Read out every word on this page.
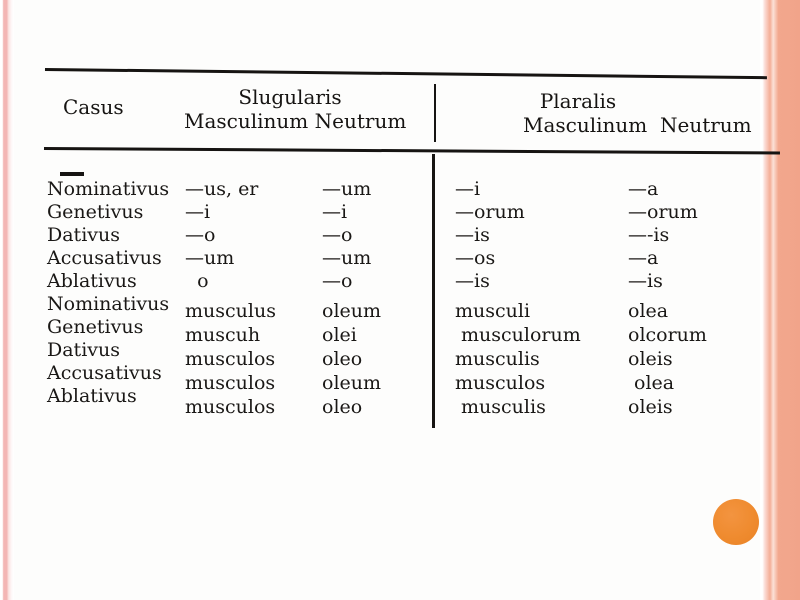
Casus	Slugularis
Masculinum Neutrum
Plaralis
Masculinum  Neutrum
Nominativus
Genetivus
Dativus
Accusativus
Ablativus
Nominativus
Genetivus
Dativus
Accusativus
Ablativus
—us, er
—i
—o
—um
o
musculus
muscuh
musculos
musculos
musculos
—um
—i
—o
—um
—o
oleum
olei
oleo
oleum
oleo
—i
—orum
—is
—os
—is
musculi
musculorum
musculis
musculos
musculis
—a
—orum
—-is
—a
—is
olea
olcorum
oleis
olea
oleis
